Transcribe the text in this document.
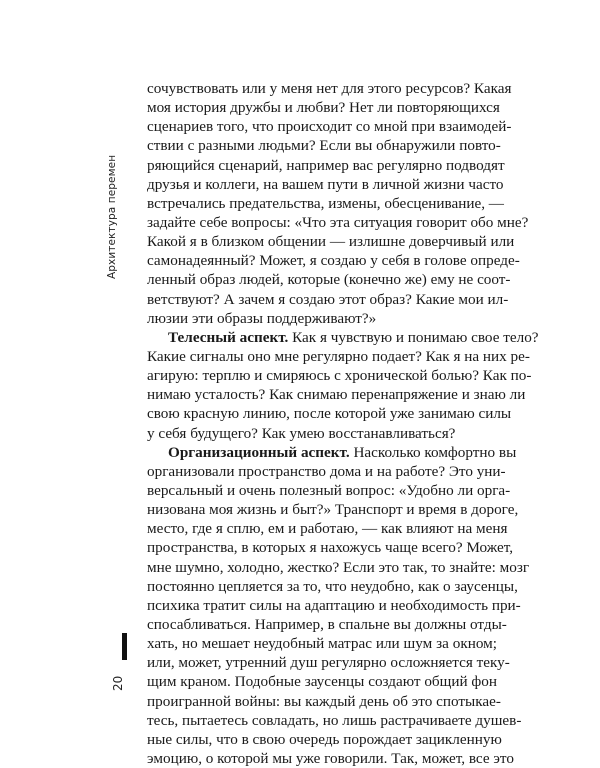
Архитектура перемен
20
сочувствовать или у меня нет для этого ресурсов? Какая
моя история дружбы и любви? Нет ли повторяющихся
сценариев того, что происходит со мной при взаимодей-
ствии с разными людьми? Если вы обнаружили повто-
ряющийся сценарий, например вас регулярно подводят
друзья и коллеги, на вашем пути в личной жизни часто
встречались предательства, измены, обесценивание, —
задайте себе вопросы: «Что эта ситуация говорит обо мне?
Какой я в близком общении — излишне доверчивый или
самонадеянный? Может, я создаю у себя в голове опреде-
ленный образ людей, которые (конечно же) ему не соот-
ветствуют? А зачем я создаю этот образ? Какие мои ил-
люзии эти образы поддерживают?»
Телесный аспект. Как я чувствую и понимаю свое тело?
Какие сигналы оно мне регулярно подает? Как я на них ре-
агирую: терплю и смиряюсь с хронической болью? Как по-
нимаю усталость? Как снимаю перенапряжение и знаю ли
свою красную линию, после которой уже занимаю силы
у себя будущего? Как умею восстанавливаться?
Организационный аспект. Насколько комфортно вы
организовали пространство дома и на работе? Это уни-
версальный и очень полезный вопрос: «Удобно ли орга-
низована моя жизнь и быт?» Транспорт и время в дороге,
место, где я сплю, ем и работаю, — как влияют на меня
пространства, в которых я нахожусь чаще всего? Может,
мне шумно, холодно, жестко? Если это так, то знайте: мозг
постоянно цепляется за то, что неудобно, как о заусенцы,
психика тратит силы на адаптацию и необходимость при-
спосабливаться. Например, в спальне вы должны отды-
хать, но мешает неудобный матрас или шум за окном;
или, может, утренний душ регулярно осложняется теку-
щим краном. Подобные заусенцы создают общий фон
проигранной войны: вы каждый день об это спотыкае-
тесь, пытаетесь совладать, но лишь растрачиваете душев-
ные силы, что в свою очередь порождает зацикленную
эмоцию, о которой мы уже говорили. Так, может, все это
